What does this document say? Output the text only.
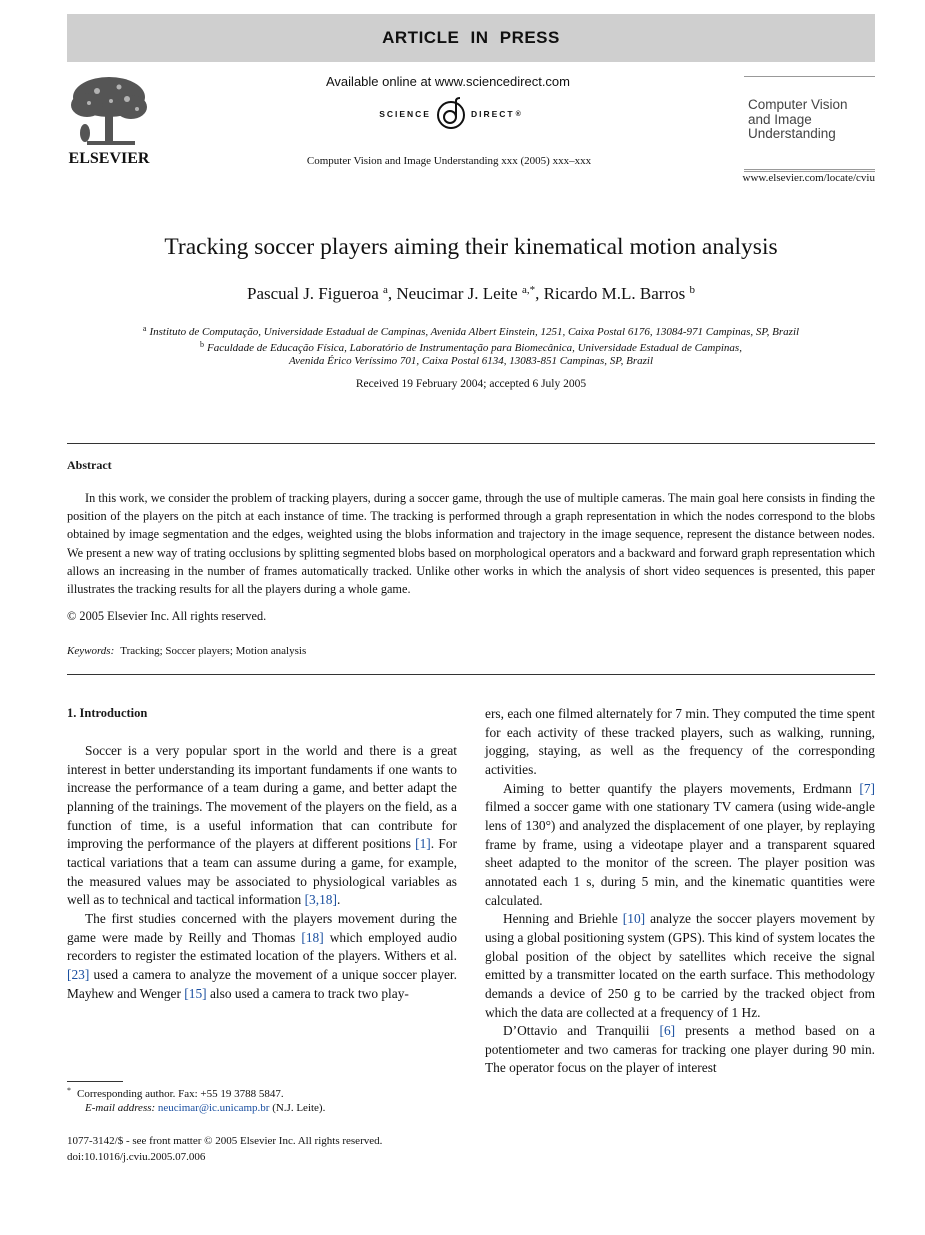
ARTICLE IN PRESS
ELSEVIER
Available online at www.sciencedirect.com
SCIENCE	DIRECT ®
Computer Vision and Image Understanding xxx (2005) xxx–xxx
Computer Vision
and Image
Understanding
www.elsevier.com/locate/cviu
Tracking soccer players aiming their kinematical motion analysis
Pascual J. Figueroa $^a$, Neucimar J. Leite $^{a,*}$, Ricardo M.L. Barros $^b$
$^a$ Instituto de Computação, Universidade Estadual de Campinas, Avenida Albert Einstein, 1251, Caixa Postal 6176, 13084-971 Campinas, SP, Brazil
$^b$ Faculdade de Educação Física, Laboratório de Instrumentação para Biomecânica, Universidade Estadual de Campinas,
Avenida Érico Veríssimo 701, Caixa Postal 6134, 13083-851 Campinas, SP, Brazil
Received 19 February 2004; accepted 6 July 2005
Abstract
In this work, we consider the problem of tracking players, during a soccer game, through the use of multiple cameras. The main goal here consists in finding the position of the players on the pitch at each instance of time. The tracking is performed through a graph representation in which the nodes correspond to the blobs obtained by image segmentation and the edges, weighted using the blobs information and trajectory in the image sequence, represent the distance between nodes. We present a new way of trating occlusions by splitting segmented blobs based on morphological operators and a backward and forward graph representation which allows an increasing in the number of frames automatically tracked. Unlike other works in which the analysis of short video sequences is presented, this paper illustrates the tracking results for all the players during a whole game.
© 2005 Elsevier Inc. All rights reserved.
Keywords: Tracking; Soccer players; Motion analysis
1. Introduction

Soccer is a very popular sport in the world and there is a great interest in better understanding its important fundaments if one wants to increase the performance of a team during a game, and better adapt the planning of the trainings. The movement of the players on the field, as a function of time, is a useful information that can contribute for improving the performance of the players at different positions [1]. For tactical variations that a team can assume during a game, for example, the measured values may be associated to physiological variables as well as to technical and tactical information [3,18].

The first studies concerned with the players movement during the game were made by Reilly and Thomas [18] which employed audio recorders to register the estimated location of the players. Withers et al. [23] used a camera to analyze the movement of a unique soccer player. Mayhew and Wenger [15] also used a camera to track two play-

ers, each one filmed alternately for 7 min. They computed the time spent for each activity of these tracked players, such as walking, running, jogging, staying, as well as the frequency of the corresponding activities.

Aiming to better quantify the players movements, Erdmann [7] filmed a soccer game with one stationary TV camera (using wide-angle lens of 130°) and analyzed the displacement of one player, by replaying frame by frame, using a videotape player and a transparent squared sheet adapted to the monitor of the screen. The player position was annotated each 1 s, during 5 min, and the kinematic quantities were calculated.

Henning and Briehle [10] analyze the soccer players movement by using a global positioning system (GPS). This kind of system locates the global position of the object by satellites which receive the signal emitted by a transmitter located on the earth surface. This methodology demands a device of 250 g to be carried by the tracked object from which the data are collected at a frequency of 1 Hz.

D’Ottavio and Tranquilii [6] presents a method based on a potentiometer and two cameras for tracking one player during 90 min. The operator focus on the player of interest

* Corresponding author. Fax: +55 19 3788 5847.
E-mail address: neucimar@ic.unicamp.br (N.J. Leite).
1077-3142/$ - see front matter © 2005 Elsevier Inc. All rights reserved.
doi:10.1016/j.cviu.2005.07.006
